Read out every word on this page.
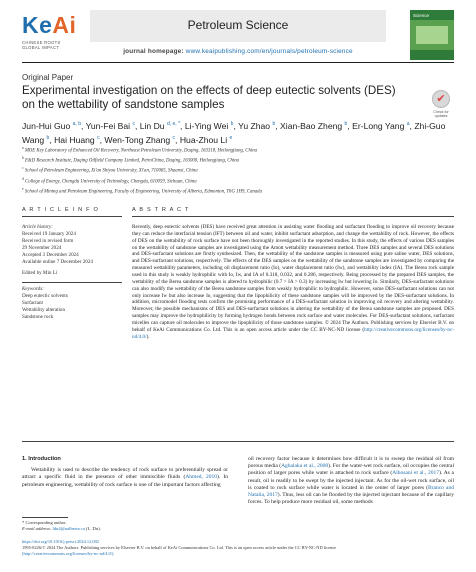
KeAi
CHINESE ROOTS
GLOBAL IMPACT
Petroleum Science
journal homepage: www.keaipublishing.com/en/journals/petroleum-science
Science
Original Paper
Experimental investigation on the effects of deep eutectic solvents (DES) on the wettability of sandstone samples	✔
Check for
updates
Jun-Hui Guo $^{a, b}$, Yun-Fei Bai $^c$, Lin Du $^{d, e, *}$, Li-Ying Wei $^b$, Yu Zhao $^b$, Xian-Bao Zheng $^b$, Er-Long Yang $^a$, Zhi-Guo Wang $^b$, Hai Huang $^c$, Wen-Tong Zhang $^c$, Hua-Zhou Li $^e$
$^a$ MOE Key Laboratory of Enhanced Oil Recovery, Northeast Petroleum University, Daqing, 163318, Heilongjiang, China
$^b$ E&D Research Institute, Daqing Oilfield Company Limited, PetroChina, Daqing, 163000, Heilongjiang, China
$^c$ School of Petroleum Engineering, Xi'an Shiyou University, Xi'an, 710065, Shaanxi, China
$^d$ College of Energy, Chengdu University of Technology, Chengdu, 610059, Sichuan, China
$^e$ School of Mining and Petroleum Engineering, Faculty of Engineering, University of Alberta, Edmonton, T6G 1H9, Canada
A R T I C L E I N F O	A B S T R A C T
Article history:
Received 19 January 2024
Received in revised form
29 November 2024
Accepted 3 December 2024
Available online 7 December 2024
Edited by Min Li
Keywords:
Deep eutectic solvents
Surfactant
Wettability alteration
Sandstone rock
Recently, deep eutectic solvents (DES) have received great attention in assisting water flooding and surfactant flooding to improve oil recovery because they can reduce the interfacial tension (IFT) between oil and water, inhibit surfactant adsorption, and change the wettability of rock. However, the effects of DES on the wettability of rock surface have not been thoroughly investigated in the reported studies. In this study, the effects of various DES samples on the wettability of sandstone samples are investigated using the Amott wettability measurement method. Three DES samples and several DES solutions and DES-surfactant solutions are firstly synthesized. Then, the wettability of the sandstone samples is measured using pure saline water, DES solutions, and DES-surfactant solutions, respectively. The effects of the DES samples on the wettability of the sandstone samples are investigated by comparing the measured wettability parameters, including oil displacement ratio (Io), water displacement ratio (Iw), and wettability index (IA). The Berea rock sample used in this study is weakly hydrophilic with Io, Iw, and IA of 0.318, 0.032, and 0.286, respectively. Being processed by the prepared DES samples, the wettability of the Berea sandstone samples is altered to hydrophilic (0.7 > IA > 0.3) by increasing Iw but lowering Io. Similarly, DES-surfactant solutions can also modify the wettability of the Berea sandstone samples from weakly hydrophilic to hydrophilic. However, some DES-surfactant solutions can not only increase Iw but also increase Io, suggesting that the lipophilicity of these sandstone samples will be improved by the DES-surfactant solutions. In addition, micromodel flooding tests confirm the promising performance of a DES-surfactant solution in improving oil recovery and altering wettability. Moreover, the possible mechanisms of DES and DES-surfactant solutions in altering the wettability of the Berea sandstone samples are proposed. DES samples may improve the hydrophilicity by forming hydrogen bonds between rock surface and water molecules. For DES-surfactant solutions, surfactant micelles can capture oil molecules to improve the lipophilicity of those sandstone samples. © 2024 The Authors. Publishing services by Elsevier B.V. on behalf of KeAi Communications Co. Ltd. This is an open access article under the CC BY-NC-ND license (http://creativecommons.org/licenses/by-nc-nd/4.0/).
1. Introduction
Wettability is used to describe the tendency of rock surface to preferentially spread or attract a specific fluid in the presence of other immiscible fluids (Ahmed, 2010). In petroleum engineering, wettability of rock surface is one of the important factors affecting
oil recovery factor because it determines how difficult it is to sweep the residual oil from porous media (Agbalaka et al., 2008). For the water-wet rock surface, oil occupies the central position of larger pores while water is attached to rock surface (Alhosani et al., 2017). As a result, oil is readily to be swept by the injected injectant. As for the oil-wet rock surface, oil is coated to rock surface while water is located in the center of larger pores (Branco and Natalia, 2017). Thus, less oil can be flooded by the injected injectant because of the capillary forces. To help produce more residual oil, some methods
* Corresponding author.
E-mail address: ldu4@ualberta.ca (L. Du).
https://doi.org/10.1016/j.petsci.2024.12.002
1995-8226/© 2024 The Authors. Publishing services by Elsevier B.V. on behalf of KeAi Communications Co. Ltd. This is an open access article under the CC BY-NC-ND license
(http://creativecommons.org/licenses/by-nc-nd/4.0/).
